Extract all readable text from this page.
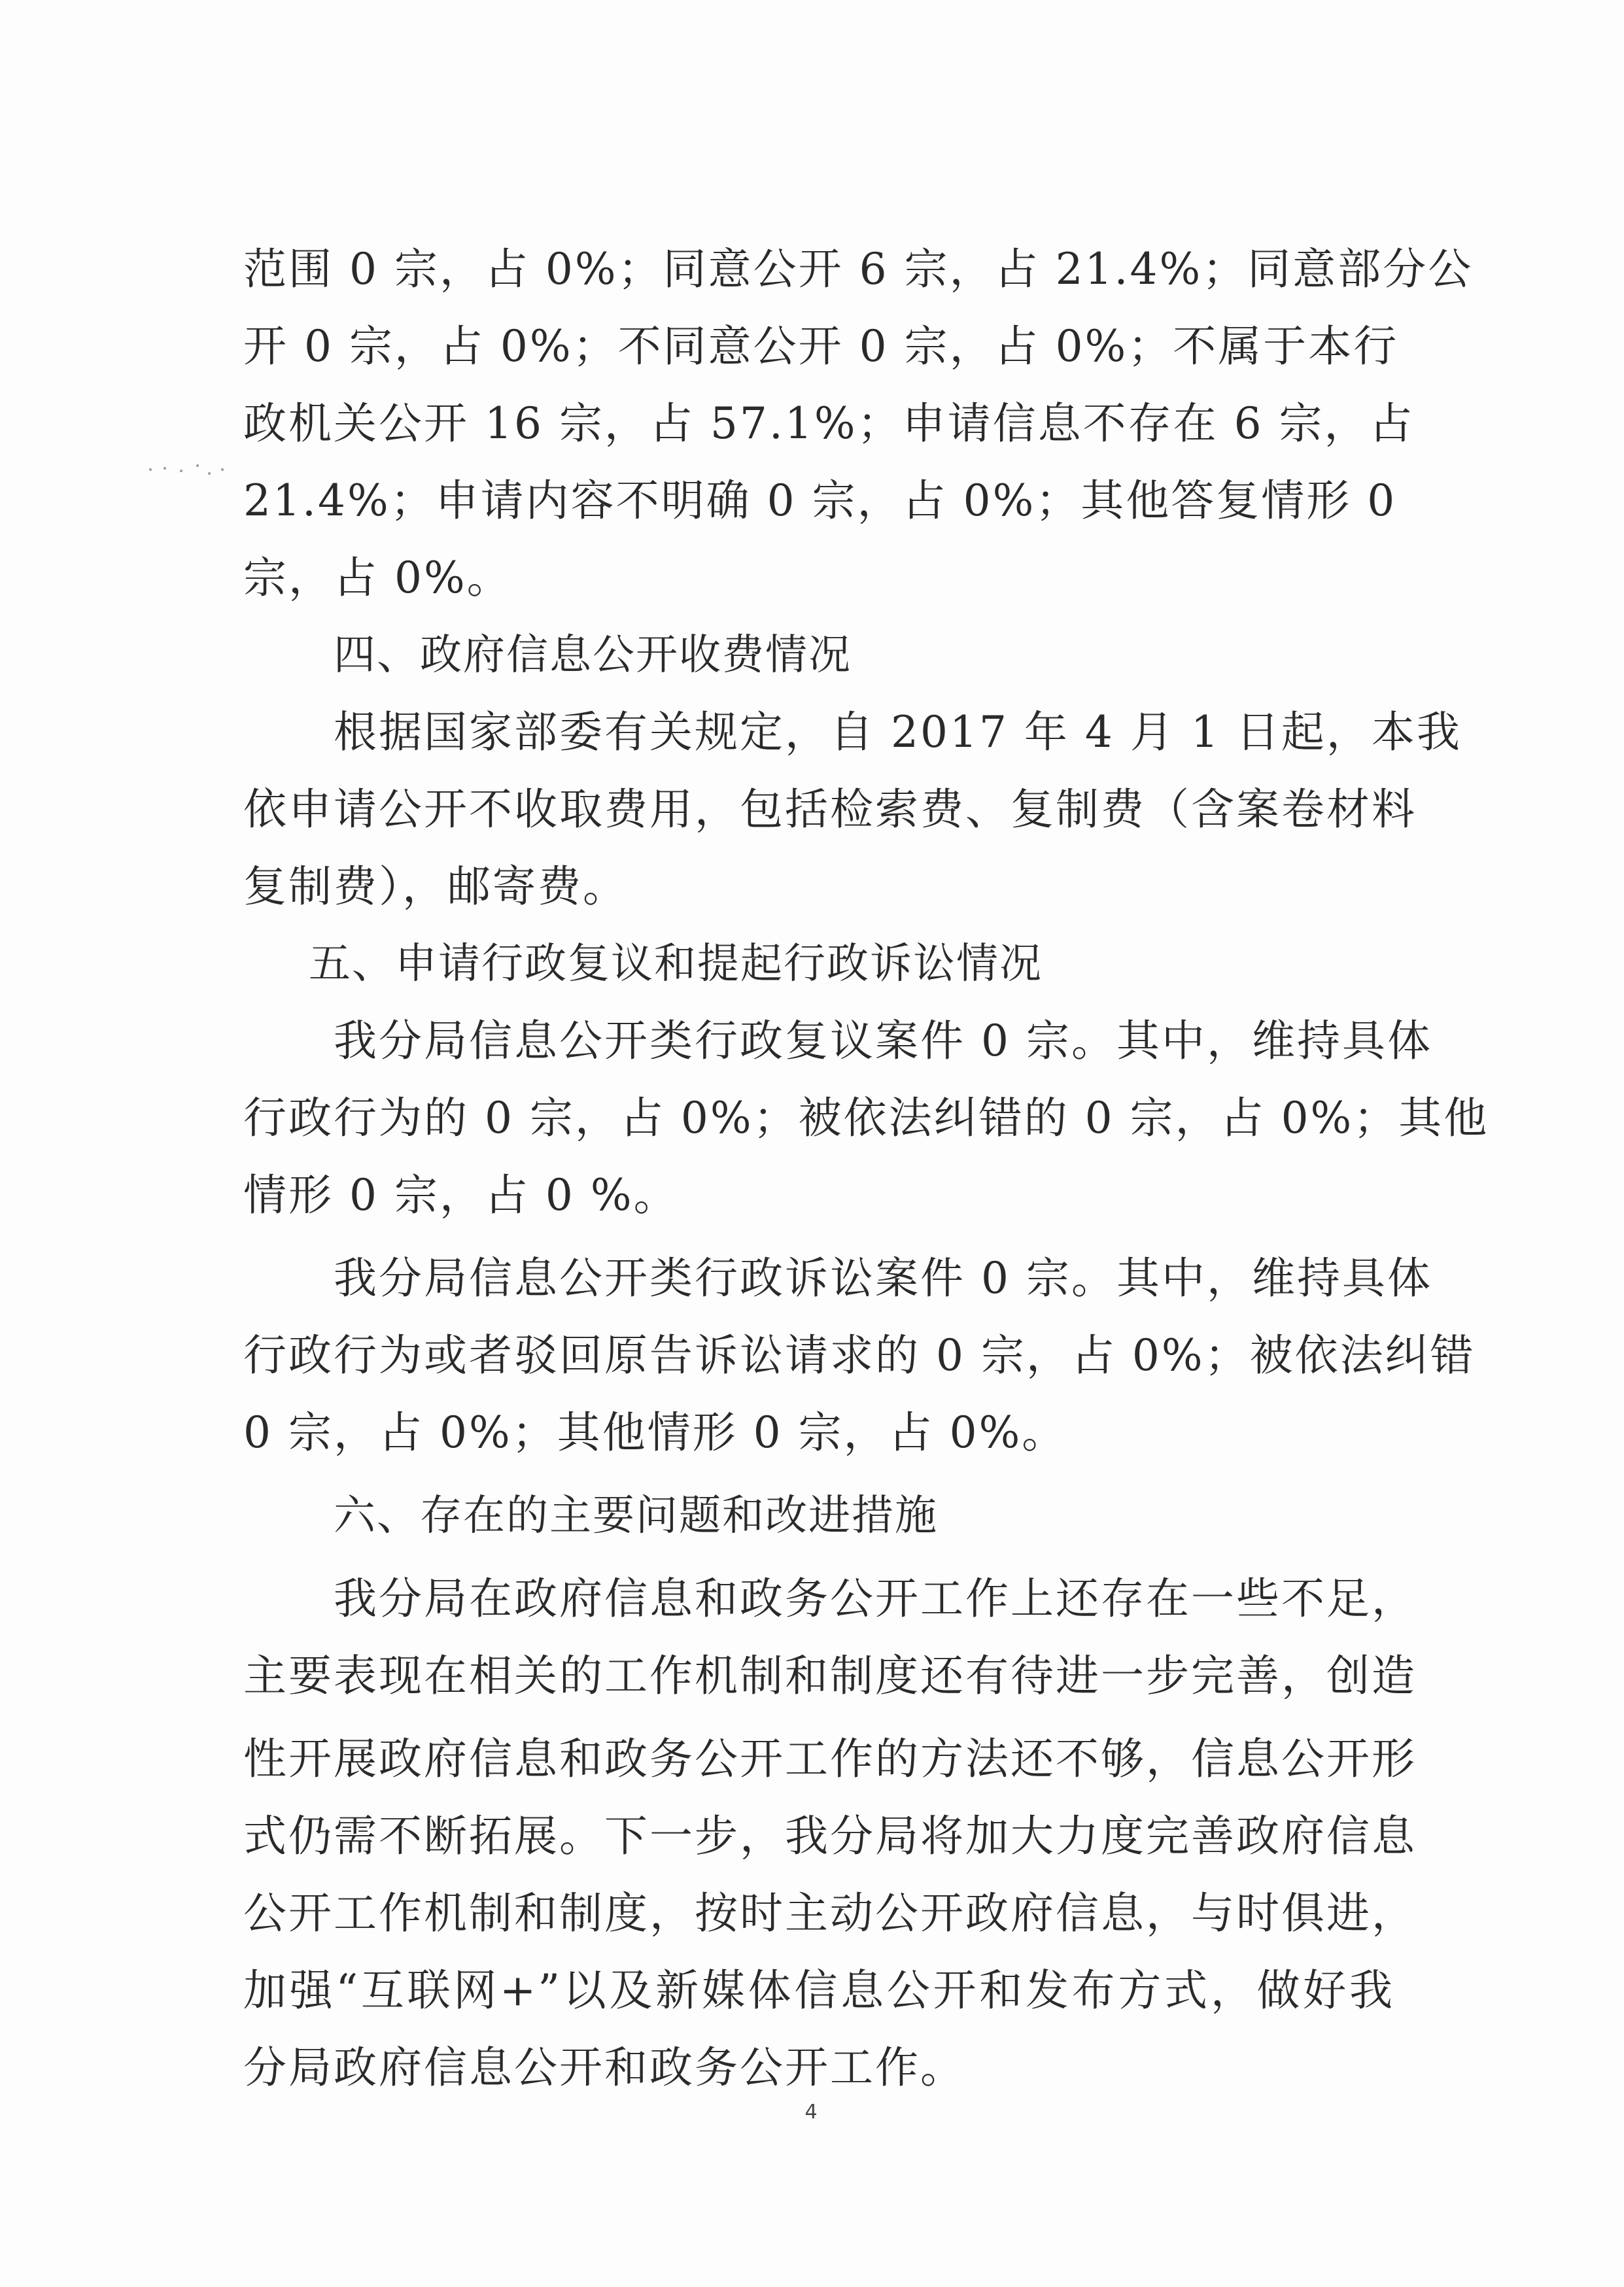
范围 0 宗，占 0%；同意公开 6 宗，占 21.4%；同意部分公
开 0 宗，占 0%；不同意公开 0 宗，占 0%；不属于本行
政机关公开 16 宗，占 57.1%；申请信息不存在 6 宗，占
21.4%；申请内容不明确 0 宗，占 0%；其他答复情形 0
宗，占 0%。
四、政府信息公开收费情况
根据国家部委有关规定，自 2017 年 4 月 1 日起，本我
依申请公开不收取费用，包括检索费、复制费（含案卷材料
复制费），邮寄费。
五、申请行政复议和提起行政诉讼情况
我分局信息公开类行政复议案件 0 宗。其中，维持具体
行政行为的 0 宗，占 0%；被依法纠错的 0 宗，占 0%；其他
情形 0 宗，占 0 %。
我分局信息公开类行政诉讼案件 0 宗。其中，维持具体
行政行为或者驳回原告诉讼请求的 0 宗，占 0%；被依法纠错
0 宗，占 0%；其他情形 0 宗，占 0%。
六、存在的主要问题和改进措施
我分局在政府信息和政务公开工作上还存在一些不足，
主要表现在相关的工作机制和制度还有待进一步完善，创造
性开展政府信息和政务公开工作的方法还不够，信息公开形
式仍需不断拓展。下一步，我分局将加大力度完善政府信息
公开工作机制和制度，按时主动公开政府信息，与时俱进，
加强“互联网+”以及新媒体信息公开和发布方式，做好我
分局政府信息公开和政务公开工作。
4
